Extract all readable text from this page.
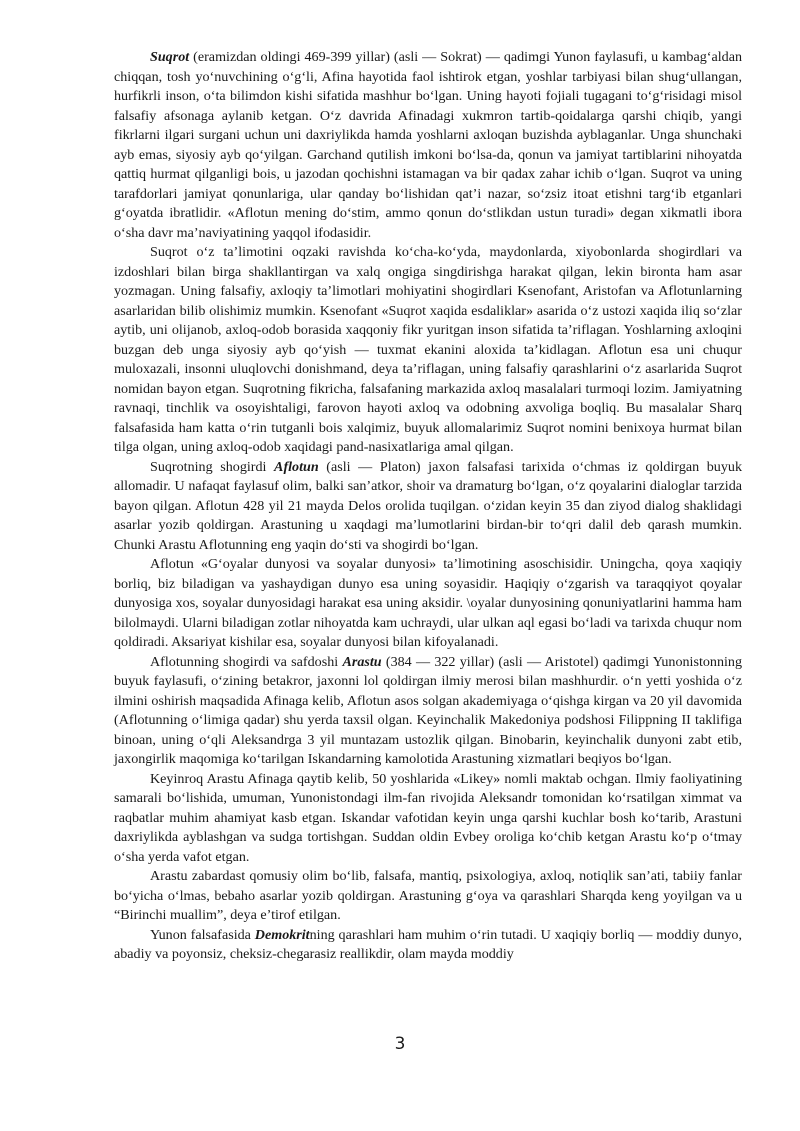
Suqrot (eramizdan oldingi 469-399 yillar) (asli — Sokrat) — qadimgi Yunon faylasufi, u kambag‘aldan chiqqan, tosh yo‘nuvchining o‘g‘li, Afina hayotida faol ishtirok etgan, yoshlar tarbiyasi bilan shug‘ullangan, hurfikrli inson, o‘ta bilimdon kishi sifatida mashhur bo‘lgan. Uning hayoti fojiali tugagani to‘g‘risidagi misol falsafiy afsonaga aylanib ketgan. O‘z davrida Afinadagi xukmron tartib-qoidalarga qarshi chiqib, yangi fikrlarni ilgari surgani uchun uni daxriylikda hamda yoshlarni axloqan buzishda ayblaganlar. Unga shunchaki ayb emas, siyosiy ayb qo‘yilgan. Garchand qutilish imkoni bo‘lsa-da, qonun va jamiyat tartiblarini nihoyatda qattiq hurmat qilganligi bois, u jazodan qochishni istamagan va bir qadax zahar ichib o‘lgan. Suqrot va uning tarafdorlari jamiyat qonunlariga, ular qanday bo‘lishidan qat’i nazar, so‘zsiz itoat etishni targ‘ib etganlari g‘oyatda ibratlidir. «Aflotun mening do‘stim, ammo qonun do‘stlikdan ustun turadi» degan xikmatli ibora o‘sha davr ma’naviyatining yaqqol ifodasidir.

Suqrot o‘z ta’limotini oqzaki ravishda ko‘cha-ko‘yda, maydonlarda, xiyobonlarda shogirdlari va izdoshlari bilan birga shakllantirgan va xalq ongiga singdirishga harakat qilgan, lekin bironta ham asar yozmagan. Uning falsafiy, axloqiy ta’limotlari mohiyatini shogirdlari Ksenofant, Aristofan va Aflotunlarning asarlaridan bilib olishimiz mumkin. Ksenofant «Suqrot xaqida esdaliklar» asarida o‘z ustozi xaqida iliq so‘zlar aytib, uni olijanob, axloq-odob borasida xaqqoniy fikr yuritgan inson sifatida ta’riflagan. Yoshlarning axloqini buzgan deb unga siyosiy ayb qo‘yish — tuxmat ekanini aloxida ta’kidlagan. Aflotun esa uni chuqur muloxazali, insonni uluqlovchi donishmand, deya ta’riflagan, uning falsafiy qarashlarini o‘z asarlarida Suqrot nomidan bayon etgan. Suqrotning fikricha, falsafaning markazida axloq masalalari turmoqi lozim. Jamiyatning ravnaqi, tinchlik va osoyishtaligi, farovon hayoti axloq va odobning axvoliga boqliq. Bu masalalar Sharq falsafasida ham katta o‘rin tutganli bois xalqimiz, buyuk allomalarimiz Suqrot nomini benixoya hurmat bilan tilga olgan, uning axloq-odob xaqidagi pand-nasixatlariga amal qilgan.

Suqrotning shogirdi Aflotun (asli — Platon) jaxon falsafasi tarixida o‘chmas iz qoldirgan buyuk allomadir. U nafaqat faylasuf olim, balki san’atkor, shoir va dramaturg bo‘lgan, o‘z qoyalarini dialoglar tarzida bayon qilgan. Aflotun 428 yil 21 mayda Delos orolida tuqilgan. o‘zidan keyin 35 dan ziyod dialog shaklidagi asarlar yozib qoldirgan. Arastuning u xaqdagi ma’lumotlarini birdan-bir to‘qri dalil deb qarash mumkin. Chunki Arastu Aflotunning eng yaqin do‘sti va shogirdi bo‘lgan.

Aflotun «G‘oyalar dunyosi va soyalar dunyosi» ta’limotining asoschisidir. Uningcha, qoya xaqiqiy borliq, biz biladigan va yashaydigan dunyo esa uning soyasidir. Haqiqiy o‘zgarish va taraqqiyot qoyalar dunyosiga xos, soyalar dunyosidagi harakat esa uning aksidir. \oyalar dunyosining qonuniyatlarini hamma ham bilolmaydi. Ularni biladigan zotlar nihoyatda kam uchraydi, ular ulkan aql egasi bo‘ladi va tarixda chuqur nom qoldiradi. Aksariyat kishilar esa, soyalar dunyosi bilan kifoyalanadi.

Aflotunning shogirdi va safdoshi Arastu (384 — 322 yillar) (asli — Aristotel) qadimgi Yunonistonning buyuk faylasufi, o‘zining betakror, jaxonni lol qoldirgan ilmiy merosi bilan mashhurdir. o‘n yetti yoshida o‘z ilmini oshirish maqsadida Afinaga kelib, Aflotun asos solgan akademiyaga o‘qishga kirgan va 20 yil davomida (Aflotunning o‘limiga qadar) shu yerda taxsil olgan. Keyinchalik Makedoniya podshosi Filippning II taklifiga binoan, uning o‘qli Aleksandrga 3 yil muntazam ustozlik qilgan. Binobarin, keyinchalik dunyoni zabt etib, jaxongirlik maqomiga ko‘tarilgan Iskandarning kamolotida Arastuning xizmatlari beqiyos bo‘lgan.

Keyinroq Arastu Afinaga qaytib kelib, 50 yoshlarida «Likey» nomli maktab ochgan. Ilmiy faoliyatining samarali bo‘lishida, umuman, Yunonistondagi ilm-fan rivojida Aleksandr tomonidan ko‘rsatilgan ximmat va raqbatlar muhim ahamiyat kasb etgan. Iskandar vafotidan keyin unga qarshi kuchlar bosh ko‘tarib, Arastuni daxriylikda ayblashgan va sudga tortishgan. Suddan oldin Evbey oroliga ko‘chib ketgan Arastu ko‘p o‘tmay o‘sha yerda vafot etgan.

Arastu zabardast qomusiy olim bo‘lib, falsafa, mantiq, psixologiya, axloq, notiqlik san’ati, tabiiy fanlar bo‘yicha o‘lmas, bebaho asarlar yozib qoldirgan. Arastuning g‘oya va qarashlari Sharqda keng yoyilgan va u “Birinchi muallim”, deya e’tirof etilgan.

Yunon falsafasida Demokritning qarashlari ham muhim o‘rin tutadi. U xaqiqiy borliq — moddiy dunyo, abadiy va poyonsiz, cheksiz-chegarasiz reallikdir, olam mayda moddiy

3
